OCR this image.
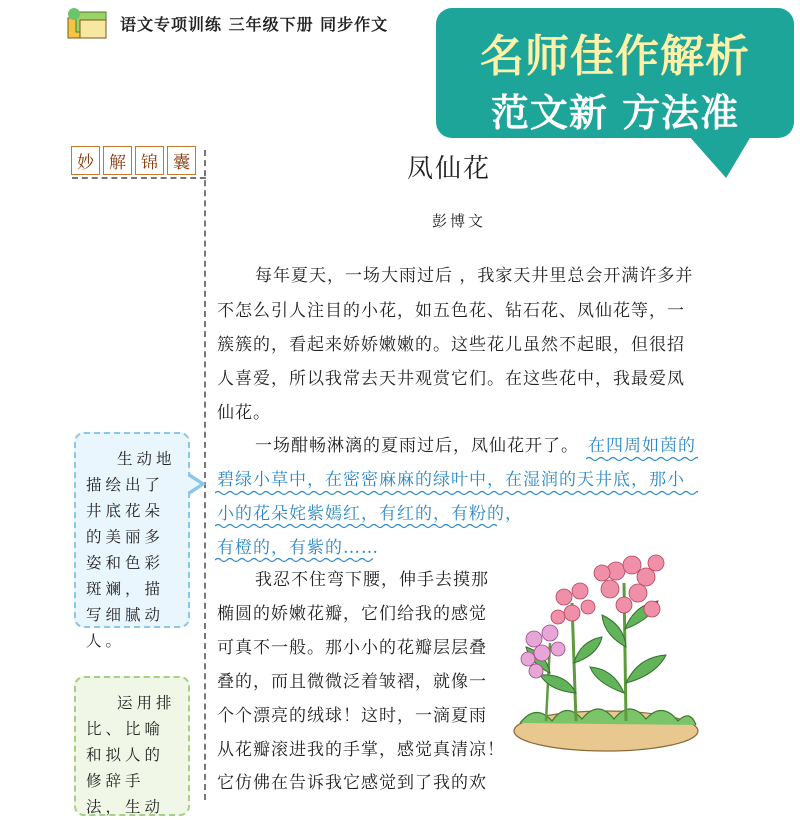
语文专项训练 三年级下册 同步作文
名师佳作解析
范文新 方法准
妙 解 锦 囊
生动地描绘出了井底花朵的美丽多姿和色彩斑斓，描写细腻动人。
运用排比、比喻和拟人的修辞手法，生动
凤仙花
彭博文
每年夏天，一场大雨过后 ，我家天井里总会开满许多并
不怎么引人注目的小花，如五色花、钻石花、凤仙花等，一
簇簇的，看起来娇娇嫩嫩的。这些花儿虽然不起眼，但很招
人喜爱，所以我常去天井观赏它们。在这些花中，我最爱凤
仙花。
一场酣畅淋漓的夏雨过后，凤仙花开了。 在四周如茵的
碧绿小草中，在密密麻麻的绿叶中，在湿润的天井底，那小
小的花朵姹紫嫣红，有红的，有粉的，
有橙的，有紫的……
我忍不住弯下腰，伸手去摸那
椭圆的娇嫩花瓣，它们给我的感觉
可真不一般。那小小的花瓣层层叠
叠的，而且微微泛着皱褶，就像一
个个漂亮的绒球！这时，一滴夏雨
从花瓣滚进我的手掌，感觉真清凉！
它仿佛在告诉我它感觉到了我的欢
